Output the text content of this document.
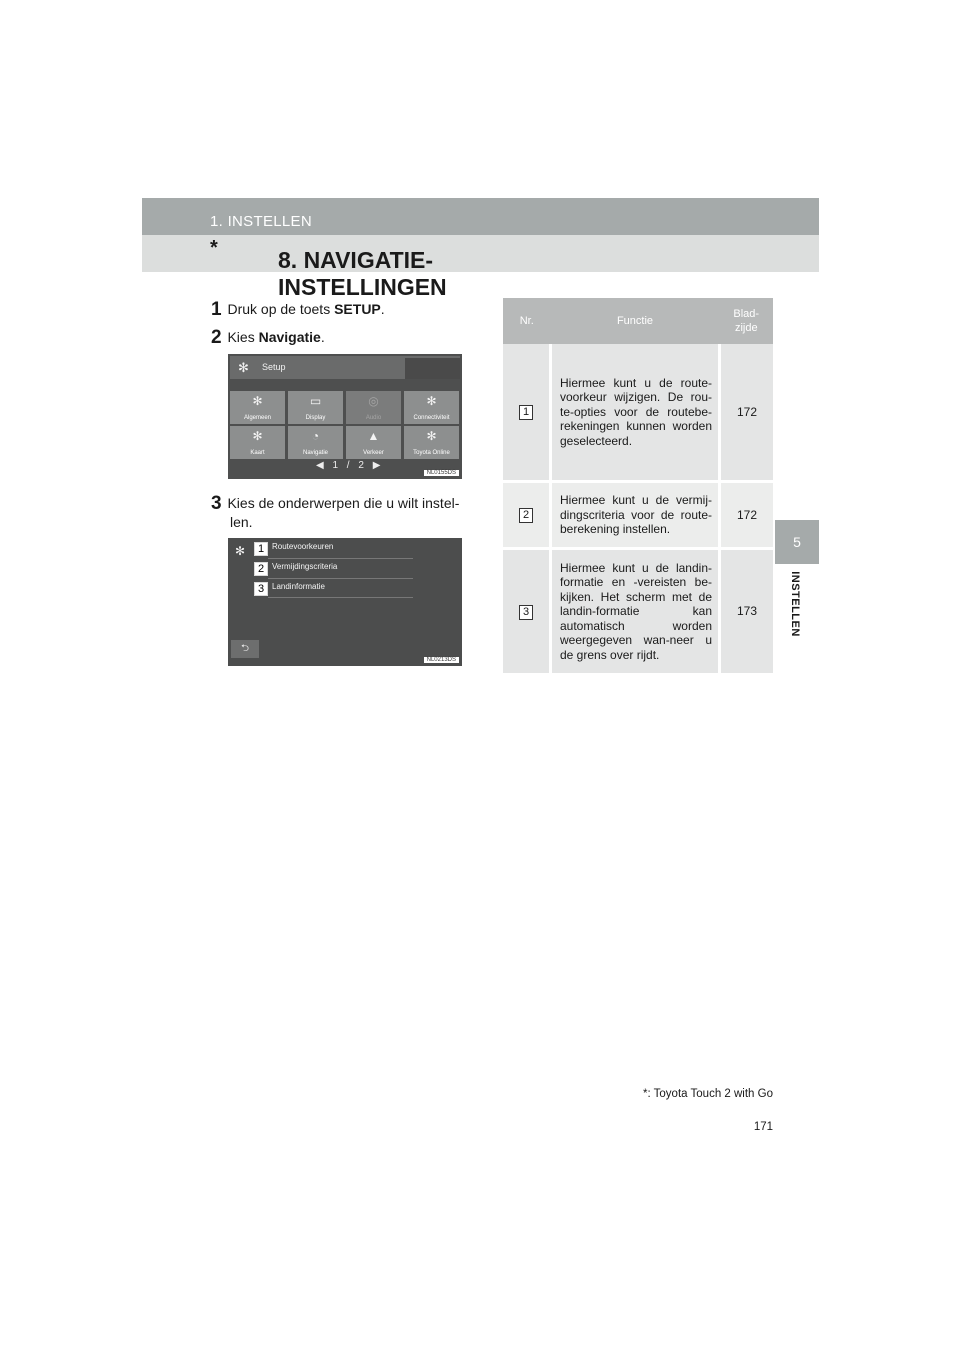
1. INSTELLEN
8. NAVIGATIE-INSTELLINGEN
*
5
INSTELLEN
1 Druk op de toets SETUP.
2 Kies Navigatie.
3 Kies de onderwerpen die u wilt instel-
len.
✻ Setup
✻
Algemeen
▭
Display
◎
Audio
✻
Connectiviteit
✻
Kaart
◔
Navigatie
▲
Verkeer
✻
Toyota Online
◀ 1 / 2 ▶
NL0155DS
✻	1 Routevoorkeuren
2 Vermijdingscriteria
3 Landinformatie
⮌
NL0213DS
Nr.	Functie	Blad-
zijde
1	Hiermee kunt u de route-voorkeur wijzigen. De rou-te-opties voor de routebe-rekeningen kunnen worden geselecteerd.	172
2	Hiermee kunt u de vermij-dingscriteria voor de route-berekening instellen.	172
3	Hiermee kunt u de landin-formatie en -vereisten be-kijken. Het scherm met de landin-formatie kan automatisch worden weergegeven wan-neer u de grens over rijdt.	173
*: Toyota Touch 2 with Go
171
